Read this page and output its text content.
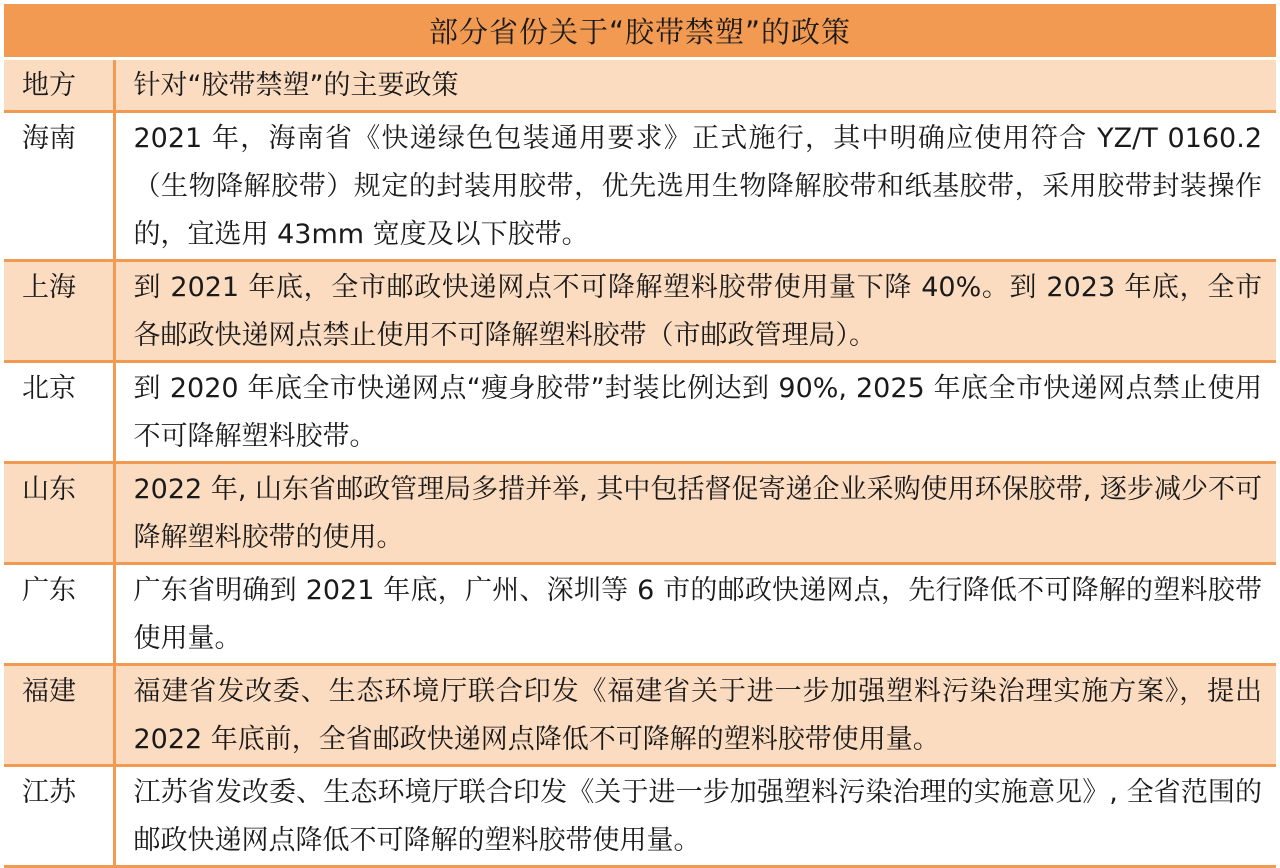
部分省份关于“胶带禁塑”的政策	
地方	针对“胶带禁塑”的主要政策
海南	2021 年，海南省《快递绿色包装通用要求》正式施行，其中明确应使用符合 YZ/T 0160.2（生物降解胶带）规定的封装用胶带，优先选用生物降解胶带和纸基胶带，采用胶带封装操作的，宜选用 43mm 宽度及以下胶带。
上海	到 2021 年底，全市邮政快递网点不可降解塑料胶带使用量下降 40%。到 2023 年底，全市各邮政快递网点禁止使用不可降解塑料胶带（市邮政管理局）。
北京	到 2020 年底全市快递网点“瘦身胶带”封装比例达到 90%, 2025 年底全市快递网点禁止使用不可降解塑料胶带。
山东	2022 年, 山东省邮政管理局多措并举, 其中包括督促寄递企业采购使用环保胶带, 逐步减少不可降解塑料胶带的使用。
广东	广东省明确到 2021 年底，广州、深圳等 6 市的邮政快递网点，先行降低不可降解的塑料胶带使用量。
福建	福建省发改委、生态环境厅联合印发《福建省关于进一步加强塑料污染治理实施方案》，提出 2022 年底前，全省邮政快递网点降低不可降解的塑料胶带使用量。
江苏	江苏省发改委、生态环境厅联合印发《关于进一步加强塑料污染治理的实施意见》, 全省范围的邮政快递网点降低不可降解的塑料胶带使用量。
